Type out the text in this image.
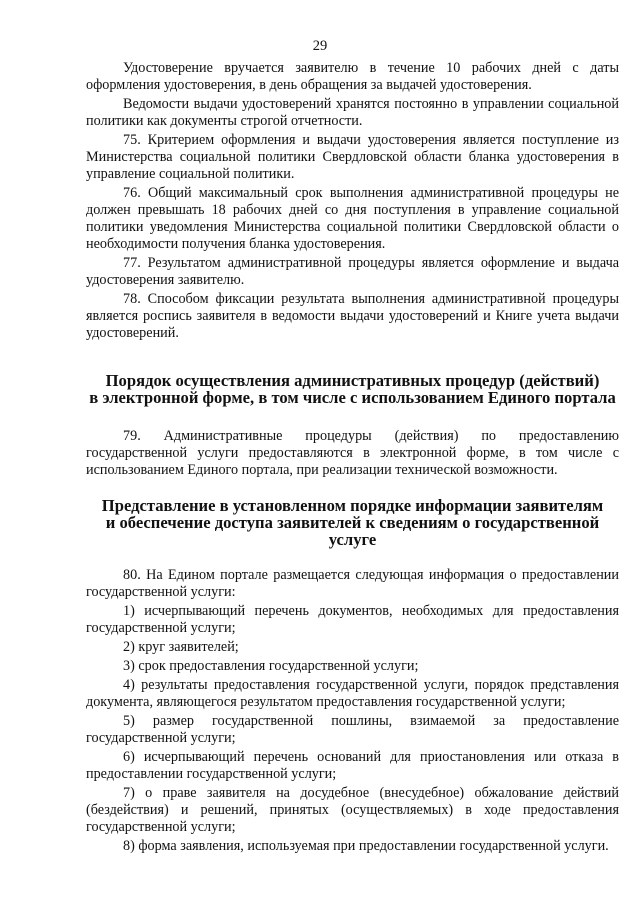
29

Удостоверение вручается заявителю в течение 10 рабочих дней с даты оформления удостоверения, в день обращения за выдачей удостоверения.

Ведомости выдачи удостоверений хранятся постоянно в управлении социальной политики как документы строгой отчетности.

75. Критерием оформления и выдачи удостоверения является поступление из Министерства социальной политики Свердловской области бланка удостоверения в управление социальной политики.

76. Общий максимальный срок выполнения административной процедуры не должен превышать 18 рабочих дней со дня поступления в управление социальной политики уведомления Министерства социальной политики Свердловской области о необходимости получения бланка удостоверения.

77. Результатом административной процедуры является оформление и выдача удостоверения заявителю.

78. Способом фиксации результата выполнения административной процедуры является роспись заявителя в ведомости выдачи удостоверений и Книге учета выдачи удостоверений.

Порядок осуществления административных процедур (действий)
в электронной форме, в том числе с использованием Единого портала

79. Административные процедуры (действия) по предоставлению государственной услуги предоставляются в электронной форме, в том числе с использованием Единого портала, при реализации технической возможности.

Представление в установленном порядке информации заявителям
и обеспечение доступа заявителей к сведениям о государственной услуге

80. На Едином портале размещается следующая информация о предоставлении государственной услуги:

1) исчерпывающий перечень документов, необходимых для предоставления государственной услуги;

2) круг заявителей;

3) срок предоставления государственной услуги;

4) результаты предоставления государственной услуги, порядок представления документа, являющегося результатом предоставления государственной услуги;

5) размер государственной пошлины, взимаемой за предоставление государственной услуги;

6) исчерпывающий перечень оснований для приостановления или отказа в предоставлении государственной услуги;

7) о праве заявителя на досудебное (внесудебное) обжалование действий (бездействия) и решений, принятых (осуществляемых) в ходе предоставления государственной услуги;

8) форма заявления, используемая при предоставлении государственной услуги.
